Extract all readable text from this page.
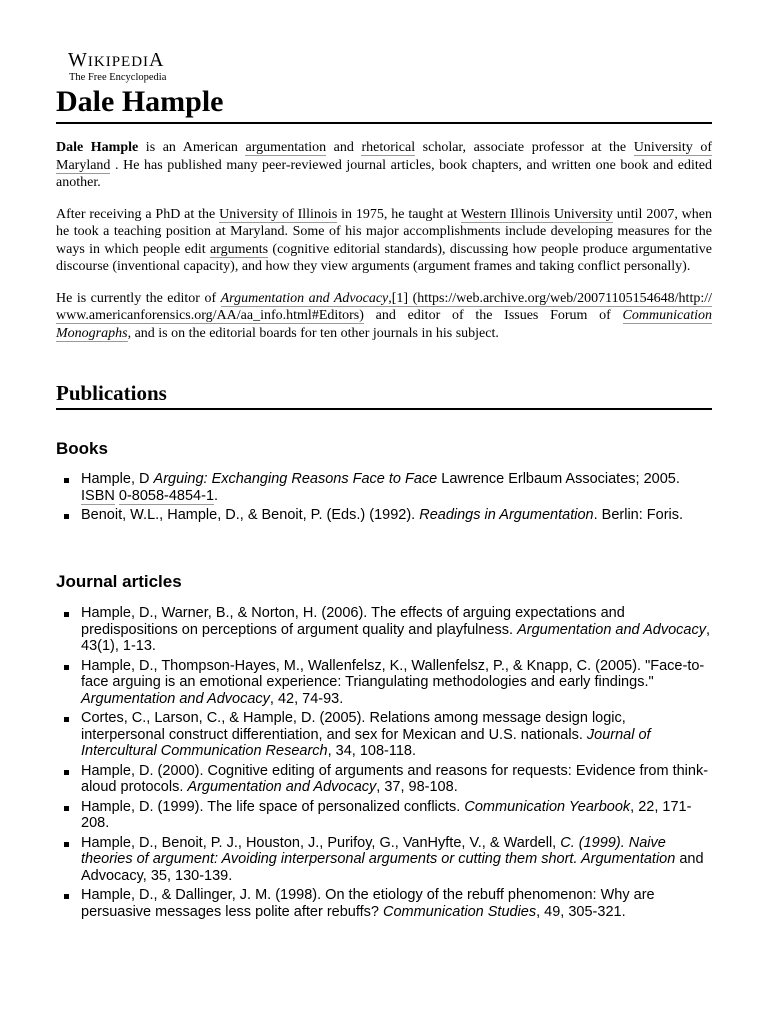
WIKIPEDIA
The Free Encyclopedia
Dale Hample

Dale Hample is an American argumentation and rhetorical scholar, associate professor at the University of Maryland . He has published many peer-reviewed journal articles, book chapters, and written one book and edited another.

After receiving a PhD at the University of Illinois in 1975, he taught at Western Illinois University until 2007, when he took a teaching position at Maryland. Some of his major accomplishments include developing measures for the ways in which people edit arguments (cognitive editorial standards), discussing how people produce argumentative discourse (inventional capacity), and how they view arguments (argument frames and taking conflict personally).

He is currently the editor of Argumentation and Advocacy,[1] (https://web.archive.org/web/20071105154648/http://www.americanforensics.org/AA/aa_info.html#Editors) and editor of the Issues Forum of Communication Monographs, and is on the editorial boards for ten other journals in his subject.

Publications
Books
Hample, D Arguing: Exchanging Reasons Face to Face Lawrence Erlbaum Associates; 2005. ISBN 0-8058-4854-1.
Benoit, W.L., Hample, D., & Benoit, P. (Eds.) (1992). Readings in Argumentation. Berlin: Foris.
Journal articles
Hample, D., Warner, B., & Norton, H. (2006). The effects of arguing expectations and predispositions on perceptions of argument quality and playfulness. Argumentation and Advocacy, 43(1), 1-13.
Hample, D., Thompson-Hayes, M., Wallenfelsz, K., Wallenfelsz, P., & Knapp, C. (2005). "Face-to-face arguing is an emotional experience: Triangulating methodologies and early findings." Argumentation and Advocacy, 42, 74-93.
Cortes, C., Larson, C., & Hample, D. (2005). Relations among message design logic, interpersonal construct differentiation, and sex for Mexican and U.S. nationals. Journal of Intercultural Communication Research, 34, 108-118.
Hample, D. (2000). Cognitive editing of arguments and reasons for requests: Evidence from think-aloud protocols. Argumentation and Advocacy, 37, 98-108.
Hample, D. (1999). The life space of personalized conflicts. Communication Yearbook, 22, 171-208.
Hample, D., Benoit, P. J., Houston, J., Purifoy, G., VanHyfte, V., & Wardell, C. (1999). Naive theories of argument: Avoiding interpersonal arguments or cutting them short. Argumentation and Advocacy, 35, 130-139.
Hample, D., & Dallinger, J. M. (1998). On the etiology of the rebuff phenomenon: Why are persuasive messages less polite after rebuffs? Communication Studies, 49, 305-321.
